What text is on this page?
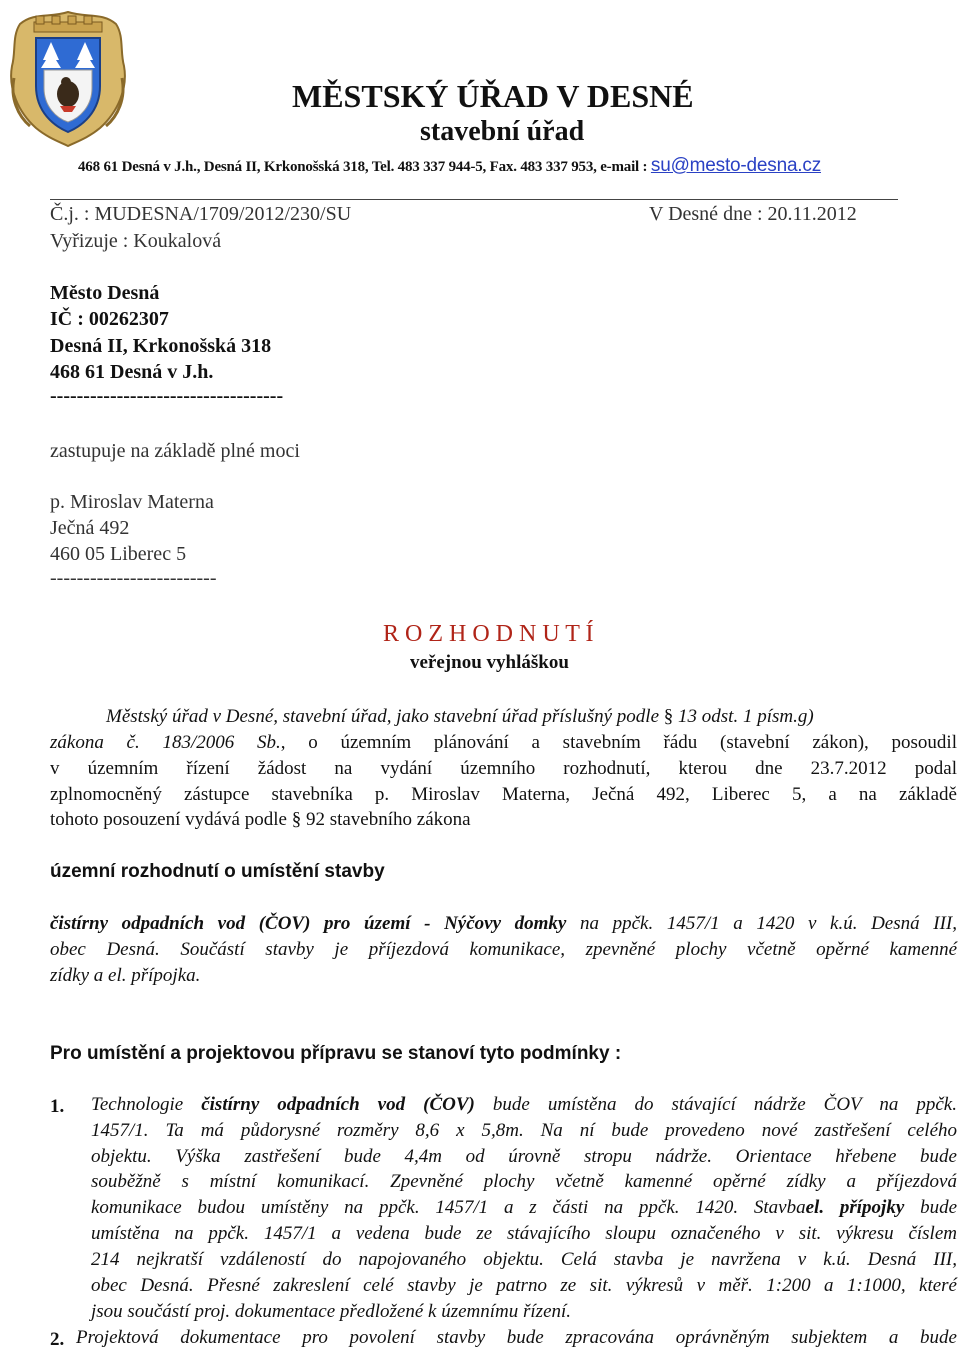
MĚSTSKÝ ÚŘAD V DESNÉ
stavební úřad
468 61 Desná v J.h., Desná II, Krkonošská 318, Tel. 483 337 944-5, Fax. 483 337 953, e-mail : su@mesto-desna.cz
Č.j. : MUDESNA/1709/2012/230/SU	V Desné dne : 20.11.2012
Vyřizuje : Koukalová
Město Desná
IČ : 00262307
Desná II, Krkonošská 318
468 61 Desná v J.h.
-----------------------------------
zastupuje na základě plné moci
p. Miroslav Materna
Ječná 492
460 05 Liberec 5
-------------------------
R O Z H O D N U T Í
veřejnou vyhláškou
Městský úřad v Desné, stavební úřad, jako stavební úřad příslušný podle § 13 odst. 1 písm.g)
zákona č. 183/2006 Sb., o územním plánování a stavebním řádu (stavební zákon), posoudil
v územním řízení žádost na vydání územního rozhodnutí, kterou dne 23.7.2012 podal
zplnomocněný zástupce stavebníka p. Miroslav Materna, Ječná 492, Liberec 5, a na základě
tohoto posouzení vydává podle § 92 stavebního zákona
územní rozhodnutí o umístění stavby
čistírny odpadních vod (ČOV) pro území - Nýčovy domky na ppčk. 1457/1 a 1420 v k.ú. Desná III,
obec Desná. Součástí stavby je příjezdová komunikace, zpevněné plochy včetně opěrné kamenné
zídky a el. přípojka.
Pro umístění a projektovou přípravu se stanoví tyto podmínky :
1. Technologie čistírny odpadních vod (ČOV) bude umístěna do stávající nádrže ČOV na ppčk.
1457/1. Ta má půdorysné rozměry 8,6 x 5,8m. Na ní bude provedeno nové zastřešení celého
objektu. Výška zastřešení bude 4,4m od úrovně stropu nádrže. Orientace hřebene bude
souběžně s místní komunikací. Zpevněné plochy včetně kamenné opěrné zídky a příjezdová
komunikace budou umístěny na ppčk. 1457/1 a z části na ppčk. 1420. Stavbael. přípojky bude
umístěna na ppčk. 1457/1 a vedena bude ze stávajícího sloupu označeného v sit. výkresu číslem
214 nejkratší vzdáleností do napojovaného objektu. Celá stavba je navržena v k.ú. Desná III,
obec Desná. Přesné zakreslení celé stavby je patrno ze sit. výkresů v měř. 1:200 a 1:1000, které
jsou součástí proj. dokumentace předložené k územnímu řízení.
2. Projektová dokumentace pro povolení stavby bude zpracována oprávněným subjektem a bude
